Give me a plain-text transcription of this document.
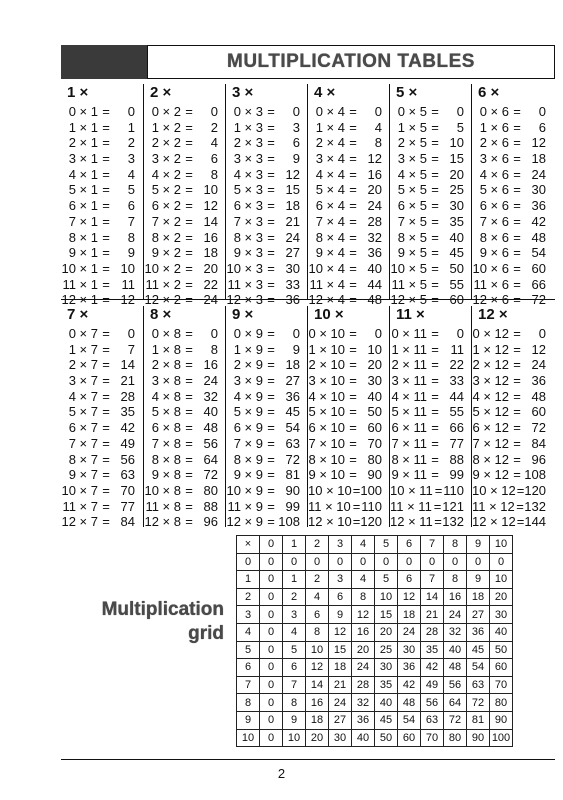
MULTIPLICATION TABLES
1 ×
0 × 1 =	0
1 × 1 =	1
2 × 1 =	2
3 × 1 =	3
4 × 1 =	4
5 × 1 =	5
6 × 1 =	6
7 × 1 =	7
8 × 1 =	8
9 × 1 =	9
10 × 1 = 10
11 × 1 = 11
12 × 1 = 12
2 ×
0 × 2 =	0
1 × 2 =	2
2 × 2 =	4
3 × 2 =	6
4 × 2 =	8
5 × 2 = 10
6 × 2 = 12
7 × 2 = 14
8 × 2 = 16
9 × 2 = 18
10 × 2 = 20
11 × 2 = 22
12 × 2 = 24
3 ×
0 × 3 =	0
1 × 3 =	3
2 × 3 =	6
3 × 3 =	9
4 × 3 = 12
5 × 3 = 15
6 × 3 = 18
7 × 3 = 21
8 × 3 = 24
9 × 3 = 27
10 × 3 = 30
11 × 3 = 33
12 × 3 = 36
4 ×
0 × 4 =	0
1 × 4 =	4
2 × 4 =	8
3 × 4 = 12
4 × 4 = 16
5 × 4 = 20
6 × 4 = 24
7 × 4 = 28
8 × 4 = 32
9 × 4 = 36
10 × 4 = 40
11 × 4 = 44
12 × 4 = 48
5 ×
0 × 5 =	0
1 × 5 =	5
2 × 5 = 10
3 × 5 = 15
4 × 5 = 20
5 × 5 = 25
6 × 5 = 30
7 × 5 = 35
8 × 5 = 40
9 × 5 = 45
10 × 5 = 50
11 × 5 = 55
12 × 5 = 60
6 ×
0 × 6 =	0
1 × 6 =	6
2 × 6 = 12
3 × 6 = 18
4 × 6 = 24
5 × 6 = 30
6 × 6 = 36
7 × 6 = 42
8 × 6 = 48
9 × 6 = 54
10 × 6 = 60
11 × 6 = 66
12 × 6 = 72
7 ×
0 × 7 =	0
1 × 7 =	7
2 × 7 = 14
3 × 7 = 21
4 × 7 = 28
5 × 7 = 35
6 × 7 = 42
7 × 7 = 49
8 × 7 = 56
9 × 7 = 63
10 × 7 = 70
11 × 7 = 77
12 × 7 = 84
8 ×
0 × 8 =	0
1 × 8 =	8
2 × 8 = 16
3 × 8 = 24
4 × 8 = 32
5 × 8 = 40
6 × 8 = 48
7 × 8 = 56
8 × 8 = 64
9 × 8 = 72
10 × 8 = 80
11 × 8 = 88
12 × 8 = 96
9 ×
0 × 9 =	0
1 × 9 =	9
2 × 9 = 18
3 × 9 = 27
4 × 9 = 36
5 × 9 = 45
6 × 9 = 54
7 × 9 = 63
8 × 9 = 72
9 × 9 = 81
10 × 9 = 90
11 × 9 = 99
12 × 9 = 108
10 ×
0 × 10 =	0
1 × 10 = 10
2 × 10 = 20
3 × 10 = 30
4 × 10 = 40
5 × 10 = 50
6 × 10 = 60
7 × 10 = 70
8 × 10 = 80
9 × 10 = 90
10 × 10 = 100
11 × 10 = 110
12 × 10 = 120
11 ×
0 × 11 =	0
1 × 11 = 11
2 × 11 = 22
3 × 11 = 33
4 × 11 = 44
5 × 11 = 55
6 × 11 = 66
7 × 11 = 77
8 × 11 = 88
9 × 11 = 99
10 × 11 = 110
11 × 11 = 121
12 × 11 = 132
12 ×
0 × 12 =	0
1 × 12 = 12
2 × 12 = 24
3 × 12 = 36
4 × 12 = 48
5 × 12 = 60
6 × 12 = 72
7 × 12 = 84
8 × 12 = 96
9 × 12 = 108
10 × 12 = 120
11 × 12 = 132
12 × 12 = 144
Multiplication
grid
×	0	1	2	3	4	5	6	7	8	9	10
0	0	0	0	0	0	0	0	0	0	0	0
1	0	1	2	3	4	5	6	7	8	9	10
2	0	2	4	6	8	10	12	14	16	18	20
3	0	3	6	9	12	15	18	21	24	27	30
4	0	4	8	12	16	20	24	28	32	36	40
5	0	5	10	15	20	25	30	35	40	45	50
6	0	6	12	18	24	30	36	42	48	54	60
7	0	7	14	21	28	35	42	49	56	63	70
8	0	8	16	24	32	40	48	56	64	72	80
9	0	9	18	27	36	45	54	63	72	81	90
10	0	10	20	30	40	50	60	70	80	90	100
2
